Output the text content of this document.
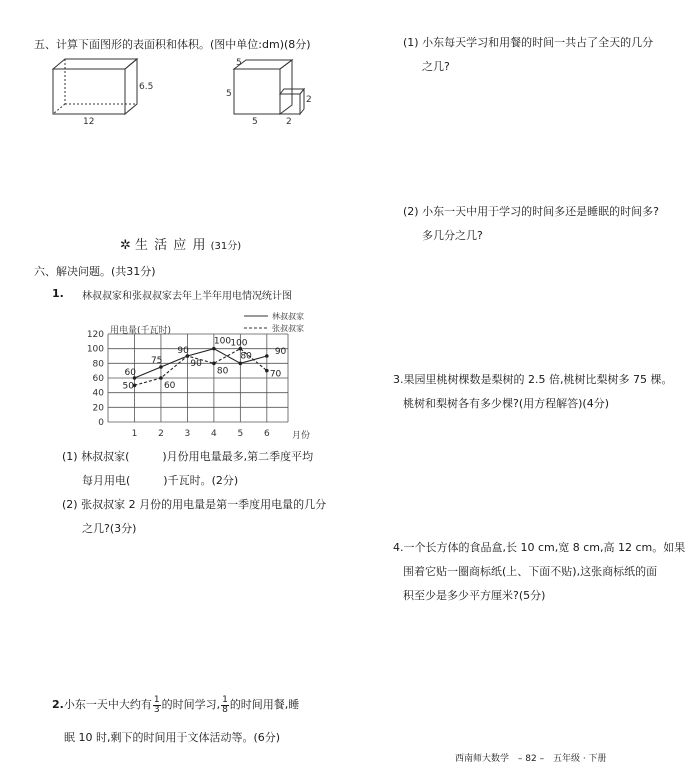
五、计算下面图形的表面积和体积。(图中单位:dm)(8分)
6.5
12
5
5
5
2
2
✲ 生 活 应 用 (31分)
六、解决问题。(共31分)
1. 林叔叔家和张叔叔家去年上半年用电情况统计图
0
20
40
60
80
100
120
1 2 3 4 5 6
60
75
90
100
80	90
50	60
90
80
100
70
用电量(千瓦时)
月份
林叔叔家
张叔叔家
(1) 林叔叔家(　　　)月份用电量最多,第二季度平均
每月用电(　　　)千瓦时。(2分)
(2) 张叔叔家 2 月份的用电量是第一季度用电量的几分
之几?(3分)
2.小东一天中大约有 $\frac{1}{3}$ 的时间学习, $\frac{1}{8}$ 的时间用餐,睡
眠 10 时,剩下的时间用于文体活动等。(6分)
(1) 小东每天学习和用餐的时间一共占了全天的几分
之几?
(2) 小东一天中用于学习的时间多还是睡眠的时间多?
多几分之几?
3.果园里桃树棵数是梨树的 2.5 倍,桃树比梨树多 75 棵。
桃树和梨树各有多少棵?(用方程解答)(4分)
4.一个长方体的食品盒,长 10 cm,宽 8 cm,高 12 cm。如果
围着它贴一圈商标纸(上、下面不贴),这张商标纸的面
积至少是多少平方厘米?(5分)
西南师大数学 – 82 – 五年级 · 下册
